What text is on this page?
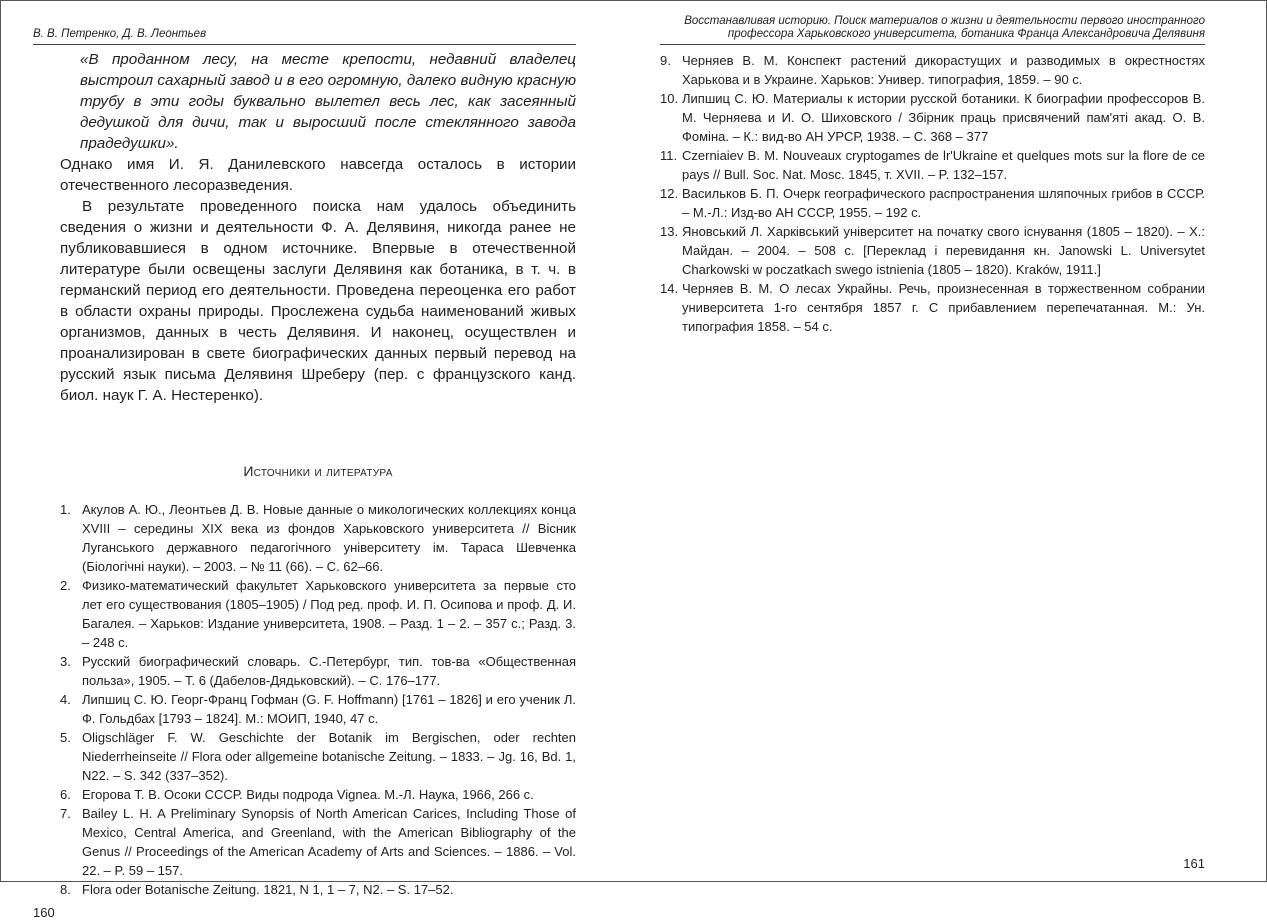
В. В. Петренко, Д. В. Леонтьев
«В проданном лесу, на месте крепости, недавний владелец выстроил сахарный завод и в его огромную, далеко видную красную трубу в эти годы буквально вылетел весь лес, как засеянный дедушкой для дичи, так и выросший после стеклянного завода прадедушки».

Однако имя И. Я. Данилевского навсегда осталось в истории отечественного лесоразведения.

В результате проведенного поиска нам удалось объединить сведения о жизни и деятельности Ф. А. Делявиня, никогда ранее не публиковавшиеся в одном источнике. Впервые в отечественной литературе были освещены заслуги Делявиня как ботаника, в т. ч. в германский период его деятельности. Проведена переоценка его работ в области охраны природы. Прослежена судьба наименований живых организмов, данных в честь Делявиня. И наконец, осуществлен и проанализирован в свете биографических данных первый перевод на русский язык письма Делявиня Шреберу (пер. с французского канд. биол. наук Г. А. Нестеренко).

Источники и литература
1. Акулов А. Ю., Леонтьев Д. В. Новые данные о микологических коллекциях конца XVIII – середины XIX века из фондов Харьковского университета // Вісник Луганського державного педагогічного університету ім. Тараса Шевченка (Біологічні науки). – 2003. – № 11 (66). – С. 62–66.
2. Физико-математический факультет Харьковского университета за первые сто лет его существования (1805–1905) / Под ред. проф. И. П. Осипова и проф. Д. И. Багалея. – Харьков: Издание университета, 1908. – Разд. 1 – 2. – 357 с.; Разд. 3. – 248 с.
3. Русский биографический словарь. С.-Петербург, тип. тов-ва «Общественная польза», 1905. – Т. 6 (Дабелов-Дядьковский). – С. 176–177.
4. Липшиц С. Ю. Георг-Франц Гофман (G. F. Hoffmann) [1761 – 1826] и его ученик Л. Ф. Гольдбах [1793 – 1824]. М.: МОИП, 1940, 47 с.
5. Oligschläger F. W. Geschichte der Botanik im Bergischen, oder rechten Niederrheinseite // Flora oder allgemeine botanische Zeitung. – 1833. – Jg. 16, Bd. 1, N22. – S. 342 (337–352).
6. Егорова Т. В. Осоки СССР. Виды подрода Vignea. М.-Л. Наука, 1966, 266 с.
7. Bailey L. H. A Preliminary Synopsis of North American Carices, Including Those of Mexico, Central America, and Greenland, with the American Bibliography of the Genus // Proceedings of the American Academy of Arts and Sciences. – 1886. – Vol. 22. – P. 59 – 157.
8. Flora oder Botanische Zeitung. 1821, N 1, 1 – 7, N2. – S. 17–52.
160
Восстанавливая историю. Поиск материалов о жизни и деятельности первого иностранного профессора Харьковского университета, ботаника Франца Александровича Делявиня
9. Черняев В. М. Конспект растений дикорастущих и разводимых в окрестностях Харькова и в Украине. Харьков: Универ. типография, 1859. – 90 с.
10. Липшиц С. Ю. Материалы к истории русской ботаники. К биографии профессоров В. М. Черняева и И. О. Шиховского / Збірник праць присвячений пам'яті акад. О. В. Фоміна. – К.: вид-во АН УРСР, 1938. – С. 368 – 377
11. Czerniaiev B. M. Nouveaux cryptogames de lr'Ukraine et quelques mots sur la flore de ce pays // Bull. Soc. Nat. Mosc. 1845, т. XVII. – P. 132–157.
12. Васильков Б. П. Очерк географического распространения шляпочных грибов в СССР. – М.-Л.: Изд-во АН СССР, 1955. – 192 с.
13. Яновський Л. Харківський університет на початку свого існування (1805 – 1820). – Х.: Майдан. – 2004. – 508 с. [Переклад і перевидання кн. Janowski L. Universytet Charkowski w poczatkach swego istnienia (1805 – 1820). Kraków, 1911.]
14. Черняев В. М. О лесах Украйны. Речь, произнесенная в торжественном собрании университета 1-го сентября 1857 г. С прибавлением перепечатанная. М.: Ун. типография 1858. – 54 с.
161
